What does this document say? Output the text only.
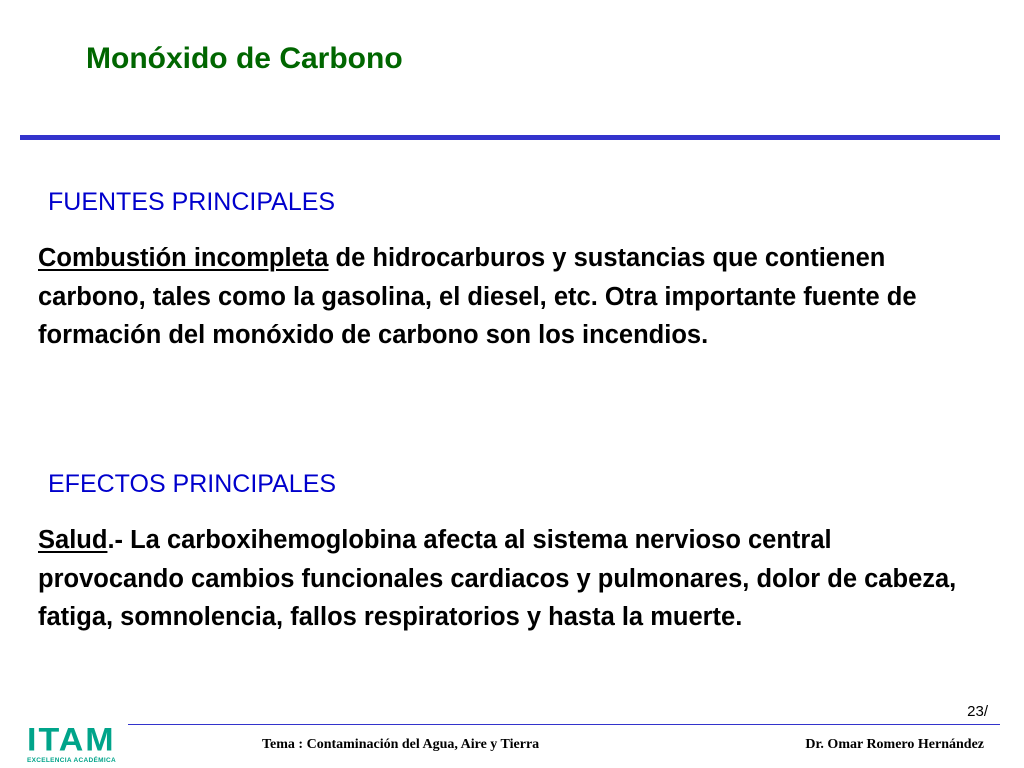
Monóxido de Carbono
FUENTES PRINCIPALES
Combustión incompleta de hidrocarburos y sustancias que contienen carbono, tales como la gasolina, el diesel, etc. Otra importante fuente de formación del monóxido de carbono son los incendios.
EFECTOS PRINCIPALES
Salud.- La carboxihemoglobina afecta al sistema nervioso central provocando cambios funcionales cardiacos y pulmonares, dolor de cabeza, fatiga, somnolencia, fallos respiratorios y hasta la muerte.
23/
ITAM
EXCELENCIA ACADÉMICA
Tema : Contaminación del Agua, Aire y Tierra	Dr. Omar Romero Hernández
